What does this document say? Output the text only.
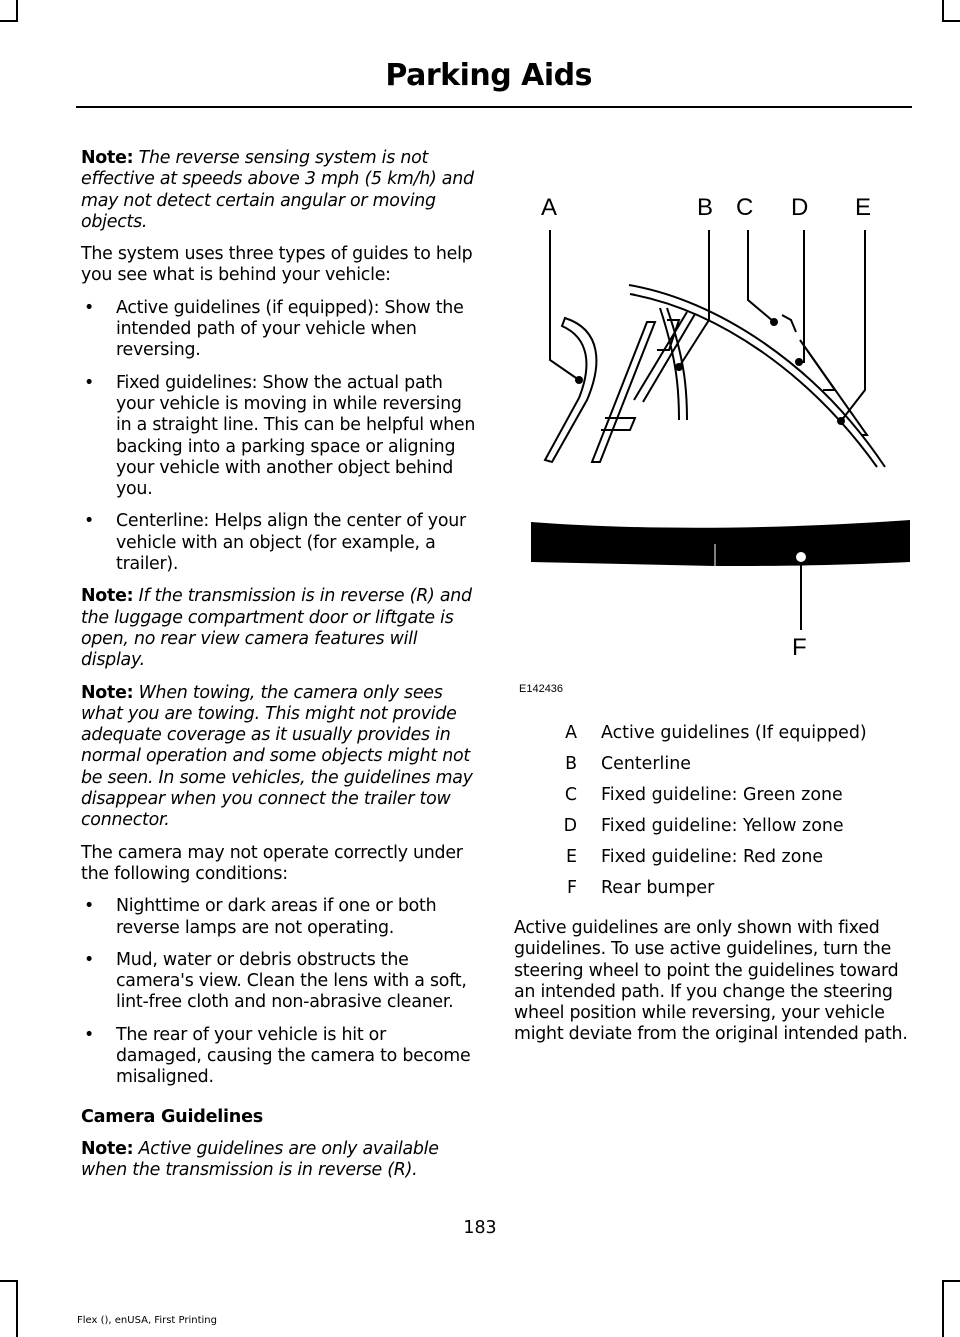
Parking Aids

Note: The reverse sensing system is not effective at speeds above 3 mph (5 km/h) and may not detect certain angular or moving objects.

The system uses three types of guides to help you see what is behind your vehicle:

• Active guidelines (if equipped): Show the intended path of your vehicle when reversing.
• Fixed guidelines: Show the actual path your vehicle is moving in while reversing in a straight line. This can be helpful when backing into a parking space or aligning your vehicle with another object behind you.
• Centerline: Helps align the center of your vehicle with an object (for example, a trailer).

Note: If the transmission is in reverse (R) and the luggage compartment door or liftgate is open, no rear view camera features will display.

Note: When towing, the camera only sees what you are towing. This might not provide adequate coverage as it usually provides in normal operation and some objects might not be seen. In some vehicles, the guidelines may disappear when you connect the trailer tow connector.

The camera may not operate correctly under the following conditions:

• Nighttime or dark areas if one or both reverse lamps are not operating.
• Mud, water or debris obstructs the camera's view. Clean the lens with a soft, lint-free cloth and non-abrasive cleaner.
• The rear of your vehicle is hit or damaged, causing the camera to become misaligned.
Camera Guidelines

Note: Active guidelines are only available when the transmission is in reverse (R).

A	B C D E
F
E142436
A Active guidelines (If equipped)
B Centerline
C Fixed guideline: Green zone
D Fixed guideline: Yellow zone
E Fixed guideline: Red zone
F Rear bumper

Active guidelines are only shown with fixed guidelines. To use active guidelines, turn the steering wheel to point the guidelines toward an intended path. If you change the steering wheel position while reversing, your vehicle might deviate from the original intended path.

183
Flex (), enUSA, First Printing
